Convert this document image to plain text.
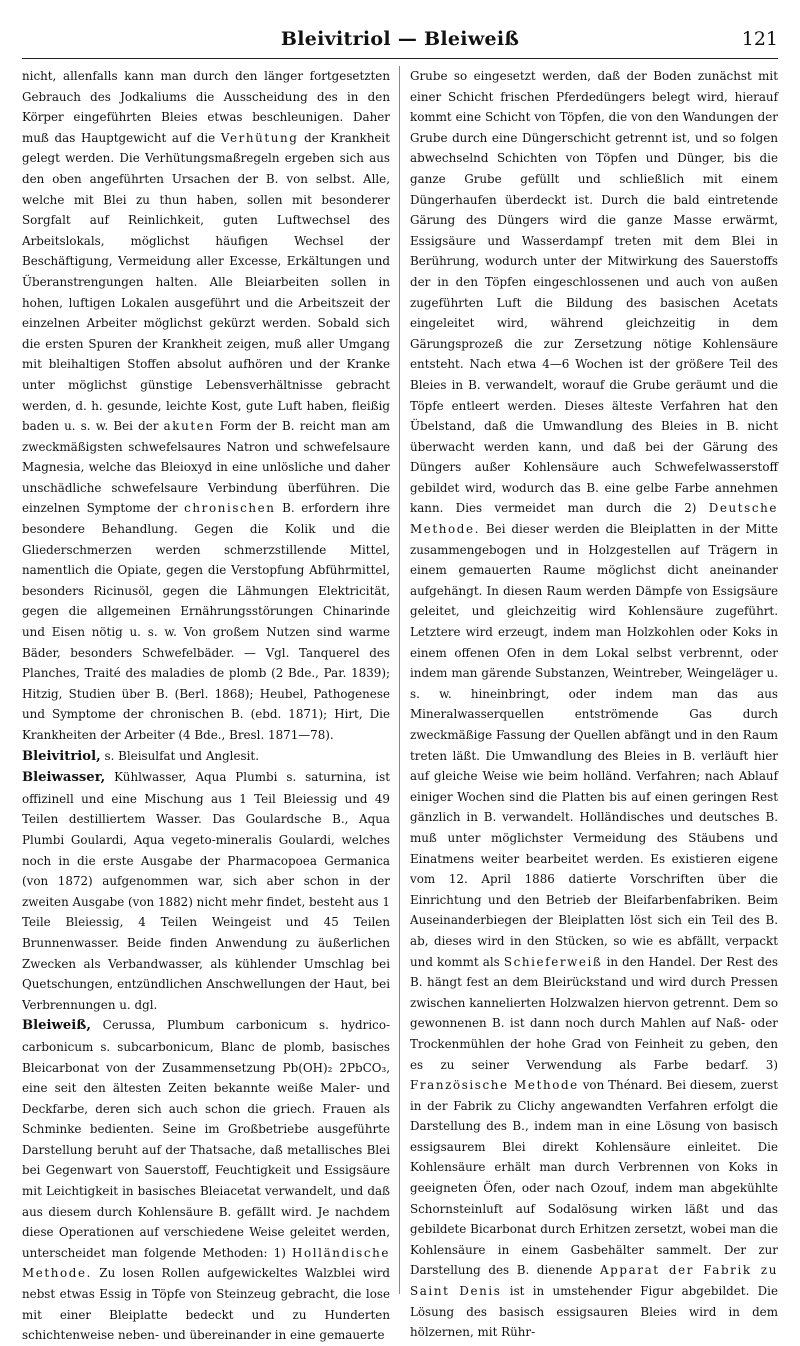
Bleivitriol — Bleiweiß	121

nicht, allenfalls kann man durch den länger fortgesetzten Gebrauch des Jodkaliums die Ausscheidung des in den Körper eingeführten Bleies etwas beschleunigen. Daher muß das Hauptgewicht auf die Verhütung der Krankheit gelegt werden. Die Verhütungsmaßregeln ergeben sich aus den oben angeführten Ursachen der B. von selbst. Alle, welche mit Blei zu thun haben, sollen mit besonderer Sorgfalt auf Reinlichkeit, guten Luftwechsel des Arbeitslokals, möglichst häufigen Wechsel der Beschäftigung, Vermeidung aller Excesse, Erkältungen und Überanstrengungen halten. Alle Bleiarbeiten sollen in hohen, luftigen Lokalen ausgeführt und die Arbeitszeit der einzelnen Arbeiter möglichst gekürzt werden. Sobald sich die ersten Spuren der Krankheit zeigen, muß aller Umgang mit bleihaltigen Stoffen absolut aufhören und der Kranke unter möglichst günstige Lebensverhältnisse gebracht werden, d. h. gesunde, leichte Kost, gute Luft haben, fleißig baden u. s. w. Bei der akuten Form der B. reicht man am zweckmäßigsten schwefelsaures Natron und schwefelsaure Magnesia, welche das Bleioxyd in eine unlösliche und daher unschädliche schwefelsaure Verbindung überführen. Die einzelnen Symptome der chronischen B. erfordern ihre besondere Behandlung. Gegen die Kolik und die Gliederschmerzen werden schmerzstillende Mittel, namentlich die Opiate, gegen die Verstopfung Abführmittel, besonders Ricinusöl, gegen die Lähmungen Elektricität, gegen die allgemeinen Ernährungsstörungen Chinarinde und Eisen nötig u. s. w. Von großem Nutzen sind warme Bäder, besonders Schwefelbäder. — Vgl. Tanquerel des Planches, Traité des maladies de plomb (2 Bde., Par. 1839); Hitzig, Studien über B. (Berl. 1868); Heubel, Pathogenese und Symptome der chronischen B. (ebd. 1871); Hirt, Die Krankheiten der Arbeiter (4 Bde., Bresl. 1871—78).

Bleivitriol, s. Bleisulfat und Anglesit.

Bleiwasser, Kühlwasser, Aqua Plumbi s. saturnina, ist offizinell und eine Mischung aus 1 Teil Bleiessig und 49 Teilen destilliertem Wasser. Das Goulardsche B., Aqua Plumbi Goulardi, Aqua vegeto-mineralis Goulardi, welches noch in die erste Ausgabe der Pharmacopoea Germanica (von 1872) aufgenommen war, sich aber schon in der zweiten Ausgabe (von 1882) nicht mehr findet, besteht aus 1 Teile Bleiessig, 4 Teilen Weingeist und 45 Teilen Brunnenwasser. Beide finden Anwendung zu äußerlichen Zwecken als Verbandwasser, als kühlender Umschlag bei Quetschungen, entzündlichen Anschwellungen der Haut, bei Verbrennungen u. dgl.

Bleiweiß, Cerussa, Plumbum carbonicum s. hydrico-carbonicum s. subcarbonicum, Blanc de plomb, basisches Bleicarbonat von der Zusammensetzung Pb(OH)₂ 2PbCO₃, eine seit den ältesten Zeiten bekannte weiße Maler- und Deckfarbe, deren sich auch schon die griech. Frauen als Schminke bedienten. Seine im Großbetriebe ausgeführte Darstellung beruht auf der Thatsache, daß metallisches Blei bei Gegenwart von Sauerstoff, Feuchtigkeit und Essigsäure mit Leichtigkeit in basisches Bleiacetat verwandelt, und daß aus diesem durch Kohlensäure B. gefällt wird. Je nachdem diese Operationen auf verschiedene Weise geleitet werden, unterscheidet man folgende Methoden: 1) Holländische Methode. Zu losen Rollen aufgewickeltes Walzblei wird nebst etwas Essig in Töpfe von Steinzeug gebracht, die lose mit einer Bleiplatte bedeckt und zu Hunderten schichtenweise neben- und übereinander in eine gemauerte

Grube so eingesetzt werden, daß der Boden zunächst mit einer Schicht frischen Pferdedüngers belegt wird, hierauf kommt eine Schicht von Töpfen, die von den Wandungen der Grube durch eine Düngerschicht getrennt ist, und so folgen abwechselnd Schichten von Töpfen und Dünger, bis die ganze Grube gefüllt und schließlich mit einem Düngerhaufen überdeckt ist. Durch die bald eintretende Gärung des Düngers wird die ganze Masse erwärmt, Essigsäure und Wasserdampf treten mit dem Blei in Berührung, wodurch unter der Mitwirkung des Sauerstoffs der in den Töpfen eingeschlossenen und auch von außen zugeführten Luft die Bildung des basischen Acetats eingeleitet wird, während gleichzeitig in dem Gärungsprozeß die zur Zersetzung nötige Kohlensäure entsteht. Nach etwa 4—6 Wochen ist der größere Teil des Bleies in B. verwandelt, worauf die Grube geräumt und die Töpfe entleert werden. Dieses älteste Verfahren hat den Übelstand, daß die Umwandlung des Bleies in B. nicht überwacht werden kann, und daß bei der Gärung des Düngers außer Kohlensäure auch Schwefelwasserstoff gebildet wird, wodurch das B. eine gelbe Farbe annehmen kann. Dies vermeidet man durch die 2) Deutsche Methode. Bei dieser werden die Bleiplatten in der Mitte zusammengebogen und in Holzgestellen auf Trägern in einem gemauerten Raume möglichst dicht aneinander aufgehängt. In diesen Raum werden Dämpfe von Essigsäure geleitet, und gleichzeitig wird Kohlensäure zugeführt. Letztere wird erzeugt, indem man Holzkohlen oder Koks in einem offenen Ofen in dem Lokal selbst verbrennt, oder indem man gärende Substanzen, Weintreber, Weingeläger u. s. w. hineinbringt, oder indem man das aus Mineralwasserquellen entströmende Gas durch zweckmäßige Fassung der Quellen abfängt und in den Raum treten läßt. Die Umwandlung des Bleies in B. verläuft hier auf gleiche Weise wie beim holländ. Verfahren; nach Ablauf einiger Wochen sind die Platten bis auf einen geringen Rest gänzlich in B. verwandelt. Holländisches und deutsches B. muß unter möglichster Vermeidung des Stäubens und Einatmens weiter bearbeitet werden. Es existieren eigene vom 12. April 1886 datierte Vorschriften über die Einrichtung und den Betrieb der Bleifarbenfabriken. Beim Auseinanderbiegen der Bleiplatten löst sich ein Teil des B. ab, dieses wird in den Stücken, so wie es abfällt, verpackt und kommt als Schieferweiß in den Handel. Der Rest des B. hängt fest an dem Bleirückstand und wird durch Pressen zwischen kannelierten Holzwalzen hiervon getrennt. Dem so gewonnenen B. ist dann noch durch Mahlen auf Naß- oder Trockenmühlen der hohe Grad von Feinheit zu geben, den es zu seiner Verwendung als Farbe bedarf. 3) Französische Methode von Thénard. Bei diesem, zuerst in der Fabrik zu Clichy angewandten Verfahren erfolgt die Darstellung des B., indem man in eine Lösung von basisch essigsaurem Blei direkt Kohlensäure einleitet. Die Kohlensäure erhält man durch Verbrennen von Koks in geeigneten Öfen, oder nach Ozouf, indem man abgekühlte Schornsteinluft auf Sodalösung wirken läßt und das gebildete Bicarbonat durch Erhitzen zersetzt, wobei man die Kohlensäure in einem Gasbehälter sammelt. Der zur Darstellung des B. dienende Apparat der Fabrik zu Saint Denis ist in umstehender Figur abgebildet. Die Lösung des basisch essigsauren Bleies wird in dem hölzernen, mit Rühr-
